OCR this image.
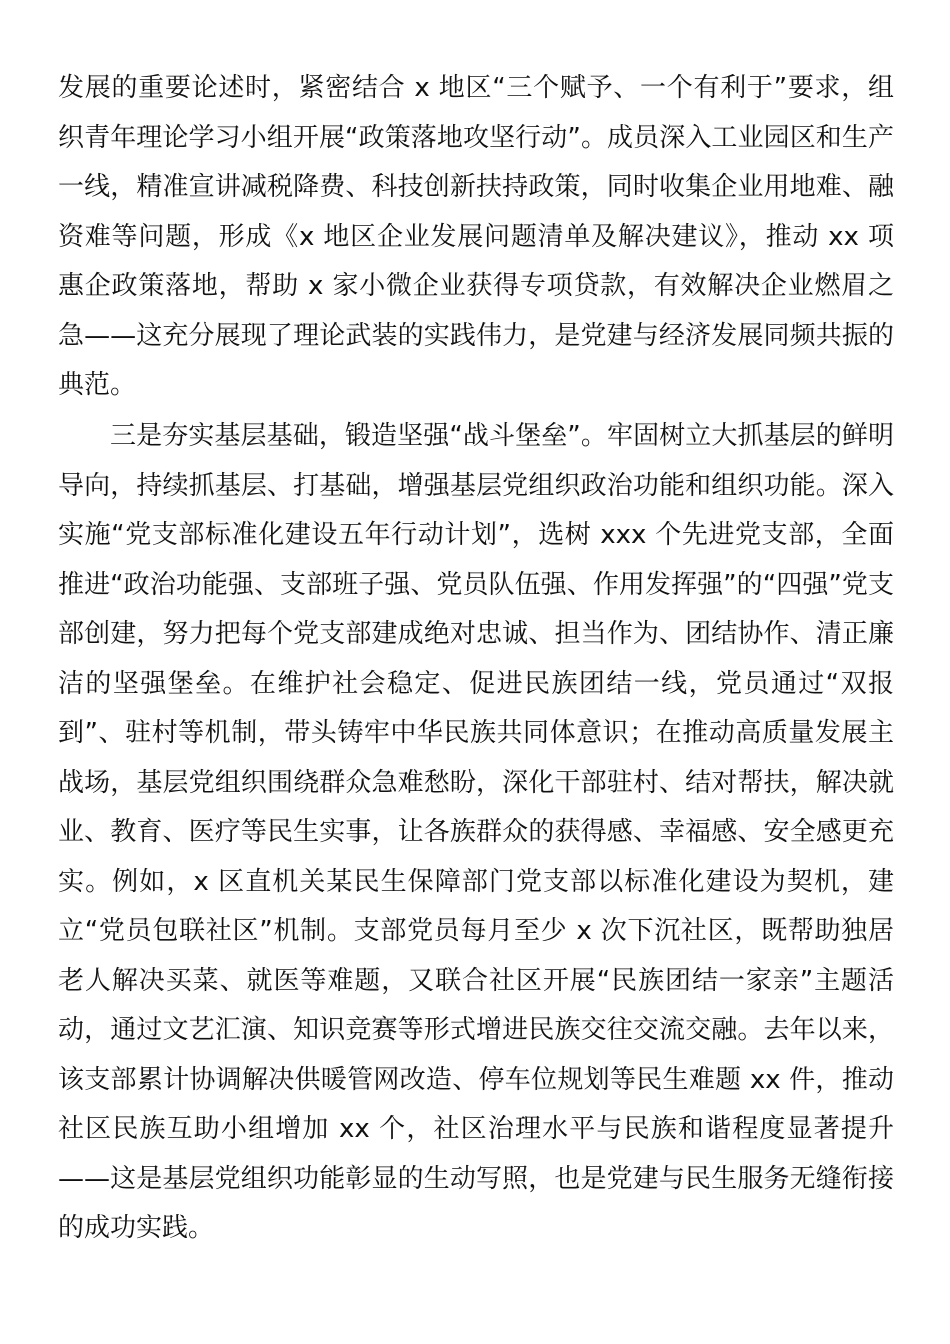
发展的重要论述时，紧密结合 x 地区“三个赋予、一个有利于”要求，组织青年理论学习小组开展“政策落地攻坚行动”。成员深入工业园区和生产一线，精准宣讲减税降费、科技创新扶持政策，同时收集企业用地难、融资难等问题，形成《x 地区企业发展问题清单及解决建议》，推动 xx 项惠企政策落地，帮助 x 家小微企业获得专项贷款，有效解决企业燃眉之急——这充分展现了理论武装的实践伟力，是党建与经济发展同频共振的典范。
三是夯实基层基础，锻造坚强“战斗堡垒”。牢固树立大抓基层的鲜明导向，持续抓基层、打基础，增强基层党组织政治功能和组织功能。深入实施“党支部标准化建设五年行动计划”，选树 xxx 个先进党支部，全面推进“政治功能强、支部班子强、党员队伍强、作用发挥强”的“四强”党支部创建，努力把每个党支部建成绝对忠诚、担当作为、团结协作、清正廉洁的坚强堡垒。在维护社会稳定、促进民族团结一线，党员通过“双报到”、驻村等机制，带头铸牢中华民族共同体意识；在推动高质量发展主战场，基层党组织围绕群众急难愁盼，深化干部驻村、结对帮扶，解决就业、教育、医疗等民生实事，让各族群众的获得感、幸福感、安全感更充实。例如，x 区直机关某民生保障部门党支部以标准化建设为契机，建立“党员包联社区”机制。支部党员每月至少 x 次下沉社区，既帮助独居老人解决买菜、就医等难题，又联合社区开展“民族团结一家亲”主题活动，通过文艺汇演、知识竞赛等形式增进民族交往交流交融。去年以来，该支部累计协调解决供暖管网改造、停车位规划等民生难题 xx 件，推动社区民族互助小组增加 xx 个，社区治理水平与民族和谐程度显著提升——这是基层党组织功能彰显的生动写照，也是党建与民生服务无缝衔接的成功实践。
